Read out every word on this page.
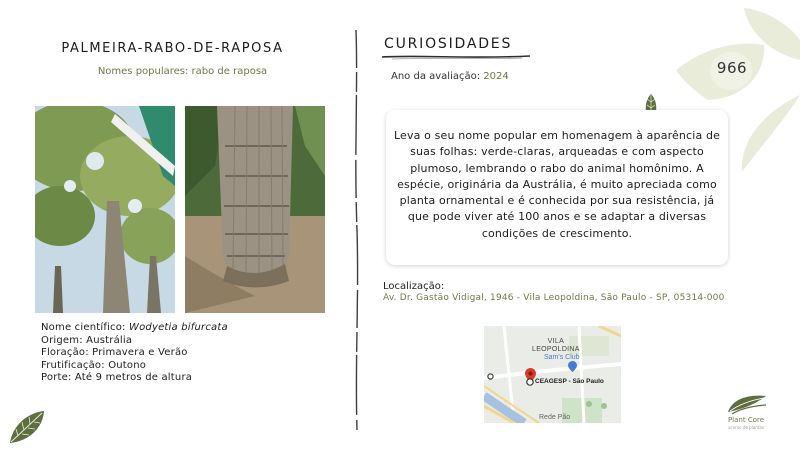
966
PALMEIRA-RABO-DE-RAPOSA
Nomes populares: rabo de raposa
Nome científico: Wodyetia bifurcata
Origem: Austrália
Floração: Primavera e Verão
Frutificação: Outono
Porte: Até 9 metros de altura
CURIOSIDADES
Ano da avaliação: 2024
Leva o seu nome popular em homenagem à aparência de suas folhas: verde-claras, arqueadas e com aspecto plumoso, lembrando o rabo do animal homônimo. A espécie, originária da Austrália, é muito apreciada como planta ornamental e é conhecida por sua resistência, já que pode viver até 100 anos e se adaptar a diversas condições de crescimento.
Localização:
Av. Dr. Gastão Vidigal, 1946 - Vila Leopoldina, São Paulo - SP, 05314-000
VILA
LEOPOLDINA
Sam's Club
CEAGESP - São Paulo
Rede Pão	Plant Core
acervo de plantas
